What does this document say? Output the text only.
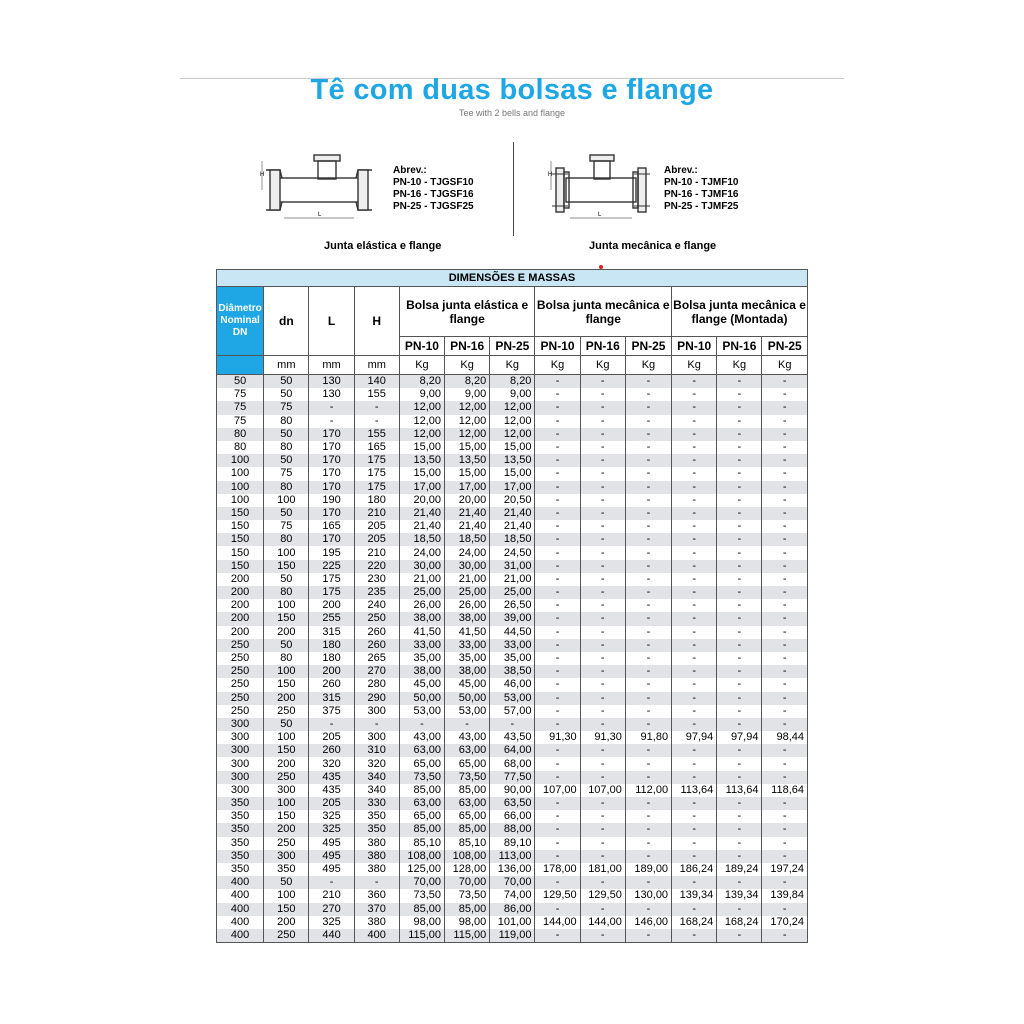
Tê com duas bolsas e flange
Tee with 2 bells and flange
H
L
Abrev.:
PN-10 - TJGSF10
PN-16 - TJGSF16
PN-25 - TJGSF25
Junta elástica e flange
H
L
Abrev.:
PN-10 - TJMF10
PN-16 - TJMF16
PN-25 - TJMF25
Junta mecânica e flange
DIMENSÕES E MASSAS												
Diâmetro Nominal DN	dn	L	H	Bolsa junta elástica e flange			Bolsa junta mecânica e flange			Bolsa junta mecânica e flange (Montada)		
				PN-10	PN-16	PN-25	PN-10	PN-16	PN-25	PN-10	PN-16	PN-25
	mm	mm	mm	Kg	Kg	Kg	Kg	Kg	Kg	Kg	Kg	Kg
50	50	130	140	8,20	8,20	8,20	-	-	-	-	-	-
75	50	130	155	9,00	9,00	9,00	-	-	-	-	-	-
75	75	-	-	12,00	12,00	12,00	-	-	-	-	-	-
75	80	-	-	12,00	12,00	12,00	-	-	-	-	-	-
80	50	170	155	12,00	12,00	12,00	-	-	-	-	-	-
80	80	170	165	15,00	15,00	15,00	-	-	-	-	-	-
100	50	170	175	13,50	13,50	13,50	-	-	-	-	-	-
100	75	170	175	15,00	15,00	15,00	-	-	-	-	-	-
100	80	170	175	17,00	17,00	17,00	-	-	-	-	-	-
100	100	190	180	20,00	20,00	20,50	-	-	-	-	-	-
150	50	170	210	21,40	21,40	21,40	-	-	-	-	-	-
150	75	165	205	21,40	21,40	21,40	-	-	-	-	-	-
150	80	170	205	18,50	18,50	18,50	-	-	-	-	-	-
150	100	195	210	24,00	24,00	24,50	-	-	-	-	-	-
150	150	225	220	30,00	30,00	31,00	-	-	-	-	-	-
200	50	175	230	21,00	21,00	21,00	-	-	-	-	-	-
200	80	175	235	25,00	25,00	25,00	-	-	-	-	-	-
200	100	200	240	26,00	26,00	26,50	-	-	-	-	-	-
200	150	255	250	38,00	38,00	39,00	-	-	-	-	-	-
200	200	315	260	41,50	41,50	44,50	-	-	-	-	-	-
250	50	180	260	33,00	33,00	33,00	-	-	-	-	-	-
250	80	180	265	35,00	35,00	35,00	-	-	-	-	-	-
250	100	200	270	38,00	38,00	38,50	-	-	-	-	-	-
250	150	260	280	45,00	45,00	46,00	-	-	-	-	-	-
250	200	315	290	50,00	50,00	53,00	-	-	-	-	-	-
250	250	375	300	53,00	53,00	57,00	-	-	-	-	-	-
300	50	-	-	-	-	-	-	-	-	-	-	-
300	100	205	300	43,00	43,00	43,50	91,30	91,30	91,80	97,94	97,94	98,44
300	150	260	310	63,00	63,00	64,00	-	-	-	-	-	-
300	200	320	320	65,00	65,00	68,00	-	-	-	-	-	-
300	250	435	340	73,50	73,50	77,50	-	-	-	-	-	-
300	300	435	340	85,00	85,00	90,00	107,00	107,00	112,00	113,64	113,64	118,64
350	100	205	330	63,00	63,00	63,50	-	-	-	-	-	-
350	150	325	350	65,00	65,00	66,00	-	-	-	-	-	-
350	200	325	350	85,00	85,00	88,00	-	-	-	-	-	-
350	250	495	380	85,10	85,10	89,10	-	-	-	-	-	-
350	300	495	380	108,00	108,00	113,00	-	-	-	-	-	-
350	350	495	380	125,00	128,00	136,00	178,00	181,00	189,00	186,24	189,24	197,24
400	50	-	-	70,00	70,00	70,00	-	-	-	-	-	-
400	100	210	360	73,50	73,50	74,00	129,50	129,50	130,00	139,34	139,34	139,84
400	150	270	370	85,00	85,00	86,00	-	-	-	-	-	-
400	200	325	380	98,00	98,00	101,00	144,00	144,00	146,00	168,24	168,24	170,24
400	250	440	400	115,00	115,00	119,00	-	-	-	-	-	-
